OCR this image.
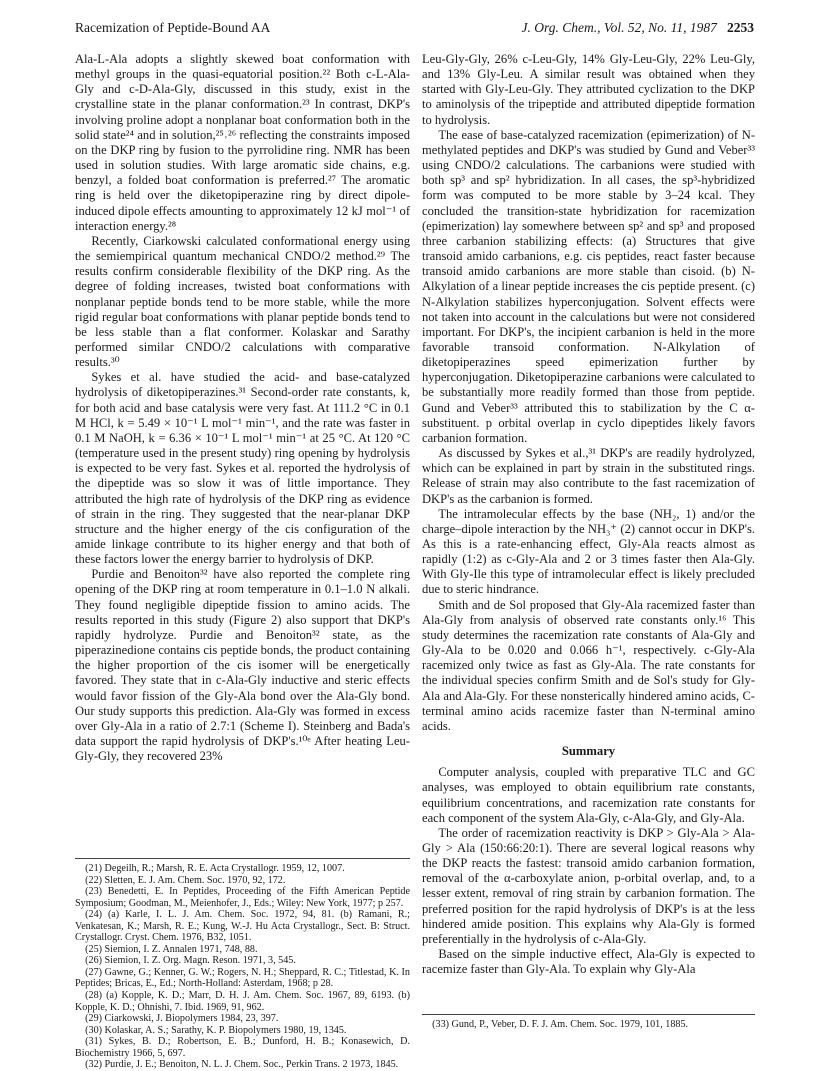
Racemization of Peptide-Bound AA	J. Org. Chem., Vol. 52, No. 11, 1987 2253

Ala-L-Ala adopts a slightly skewed boat conformation with methyl groups in the quasi-equatorial position.²² Both c-L-Ala-Gly and c-D-Ala-Gly, discussed in this study, exist in the crystalline state in the planar conformation.²³ In contrast, DKP's involving proline adopt a nonplanar boat conformation both in the solid state²⁴ and in solution,²⁵˒²⁶ reflecting the constraints imposed on the DKP ring by fusion to the pyrrolidine ring. NMR has been used in solution studies. With large aromatic side chains, e.g. benzyl, a folded boat conformation is preferred.²⁷ The aromatic ring is held over the diketopiperazine ring by direct dipole-induced dipole effects amounting to approximately 12 kJ mol⁻¹ of interaction energy.²⁸

Recently, Ciarkowski calculated conformational energy using the semiempirical quantum mechanical CNDO/2 method.²⁹ The results confirm considerable flexibility of the DKP ring. As the degree of folding increases, twisted boat conformations with nonplanar peptide bonds tend to be more stable, while the more rigid regular boat conformations with planar peptide bonds tend to be less stable than a flat conformer. Kolaskar and Sarathy performed similar CNDO/2 calculations with comparative results.³⁰

Sykes et al. have studied the acid- and base-catalyzed hydrolysis of diketopiperazines.³¹ Second-order rate constants, k, for both acid and base catalysis were very fast. At 111.2 °C in 0.1 M HCl, k = 5.49 × 10⁻¹ L mol⁻¹ min⁻¹, and the rate was faster in 0.1 M NaOH, k = 6.36 × 10⁻¹ L mol⁻¹ min⁻¹ at 25 °C. At 120 °C (temperature used in the present study) ring opening by hydrolysis is expected to be very fast. Sykes et al. reported the hydrolysis of the dipeptide was so slow it was of little importance. They attributed the high rate of hydrolysis of the DKP ring as evidence of strain in the ring. They suggested that the near-planar DKP structure and the higher energy of the cis configuration of the amide linkage contribute to its higher energy and that both of these factors lower the energy barrier to hydrolysis of DKP.

Purdie and Benoiton³² have also reported the complete ring opening of the DKP ring at room temperature in 0.1–1.0 N alkali. They found negligible dipeptide fission to amino acids. The results reported in this study (Figure 2) also support that DKP's rapidly hydrolyze. Purdie and Benoiton³² state, as the piperazinedione contains cis peptide bonds, the product containing the higher proportion of the cis isomer will be energetically favored. They state that in c-Ala-Gly inductive and steric effects would favor fission of the Gly-Ala bond over the Ala-Gly bond. Our study supports this prediction. Ala-Gly was formed in excess over Gly-Ala in a ratio of 2.7:1 (Scheme I). Steinberg and Bada's data support the rapid hydrolysis of DKP's.¹⁰ᵉ After heating Leu-Gly-Gly, they recovered 23%

(21) Degeilh, R.; Marsh, R. E. Acta Crystallogr. 1959, 12, 1007.

(22) Sletten, E. J. Am. Chem. Soc. 1970, 92, 172.

(23) Benedetti, E. In Peptides, Proceeding of the Fifth American Peptide Symposium; Goodman, M., Meienhofer, J., Eds.; Wiley: New York, 1977; p 257.

(24) (a) Karle, I. L. J. Am. Chem. Soc. 1972, 94, 81. (b) Ramani, R.; Venkatesan, K.; Marsh, R. E.; Kung, W.-J. Hu Acta Crystallogr., Sect. B: Struct. Crystallogr. Cryst. Chem. 1976, B32, 1051.

(25) Siemion, I. Z. Annalen 1971, 748, 88.

(26) Siemion, I. Z. Org. Magn. Reson. 1971, 3, 545.

(27) Gawne, G.; Kenner, G. W.; Rogers, N. H.; Sheppard, R. C.; Titlestad, K. In Peptides; Bricas, E., Ed.; North-Holland: Asterdam, 1968; p 28.

(28) (a) Kopple, K. D.; Marr, D. H. J. Am. Chem. Soc. 1967, 89, 6193. (b) Kopple, K. D.; Ohnishi, 7. Ibid. 1969, 91, 962.

(29) Ciarkowski, J. Biopolymers 1984, 23, 397.

(30) Kolaskar, A. S.; Sarathy, K. P. Biopolymers 1980, 19, 1345.

(31) Sykes, B. D.; Robertson, E. B.; Dunford, H. B.; Konasewich, D. Biochemistry 1966, 5, 697.

(32) Purdie, J. E.; Benoiton, N. L. J. Chem. Soc., Perkin Trans. 2 1973, 1845.

Leu-Gly-Gly, 26% c-Leu-Gly, 14% Gly-Leu-Gly, 22% Leu-Gly, and 13% Gly-Leu. A similar result was obtained when they started with Gly-Leu-Gly. They attributed cyclization to the DKP to aminolysis of the tripeptide and attributed dipeptide formation to hydrolysis.

The ease of base-catalyzed racemization (epimerization) of N-methylated peptides and DKP's was studied by Gund and Veber³³ using CNDO/2 calculations. The carbanions were studied with both sp³ and sp² hybridization. In all cases, the sp³-hybridized form was computed to be more stable by 3–24 kcal. They concluded the transition-state hybridization for racemization (epimerization) lay somewhere between sp² and sp³ and proposed three carbanion stabilizing effects: (a) Structures that give transoid amido carbanions, e.g. cis peptides, react faster because transoid amido carbanions are more stable than cisoid. (b) N-Alkylation of a linear peptide increases the cis peptide present. (c) N-Alkylation stabilizes hyperconjugation. Solvent effects were not taken into account in the calculations but were not considered important. For DKP's, the incipient carbanion is held in the more favorable transoid conformation. N-Alkylation of diketopiperazines speed epimerization further by hyperconjugation. Diketopiperazine carbanions were calculated to be substantially more readily formed than those from peptide. Gund and Veber³³ attributed this to stabilization by the C α-substituent. p orbital overlap in cyclo dipeptides likely favors carbanion formation.

As discussed by Sykes et al.,³¹ DKP's are readily hydrolyzed, which can be explained in part by strain in the substituted rings. Release of strain may also contribute to the fast racemization of DKP's as the carbanion is formed.

The intramolecular effects by the base (NH₂, 1) and/or the charge–dipole interaction by the NH₃⁺ (2) cannot occur in DKP's. As this is a rate-enhancing effect, Gly-Ala reacts almost as rapidly (1:2) as c-Gly-Ala and 2 or 3 times faster then Ala-Gly. With Gly-Ile this type of intramolecular effect is likely precluded due to steric hindrance.

Smith and de Sol proposed that Gly-Ala racemized faster than Ala-Gly from analysis of observed rate constants only.¹⁶ This study determines the racemization rate constants of Ala-Gly and Gly-Ala to be 0.020 and 0.066 h⁻¹, respectively. c-Gly-Ala racemized only twice as fast as Gly-Ala. The rate constants for the individual species confirm Smith and de Sol's study for Gly-Ala and Ala-Gly. For these nonsterically hindered amino acids, C-terminal amino acids racemize faster than N-terminal amino acids.

Summary

Computer analysis, coupled with preparative TLC and GC analyses, was employed to obtain equilibrium rate constants, equilibrium concentrations, and racemization rate constants for each component of the system Ala-Gly, c-Ala-Gly, and Gly-Ala.

The order of racemization reactivity is DKP > Gly-Ala > Ala-Gly > Ala (150:66:20:1). There are several logical reasons why the DKP reacts the fastest: transoid amido carbanion formation, removal of the α-carboxylate anion, p-orbital overlap, and, to a lesser extent, removal of ring strain by carbanion formation. The preferred position for the rapid hydrolysis of DKP's is at the less hindered amide position. This explains why Ala-Gly is formed preferentially in the hydrolysis of c-Ala-Gly.

Based on the simple inductive effect, Ala-Gly is expected to racemize faster than Gly-Ala. To explain why Gly-Ala

(33) Gund, P., Veber, D. F. J. Am. Chem. Soc. 1979, 101, 1885.
